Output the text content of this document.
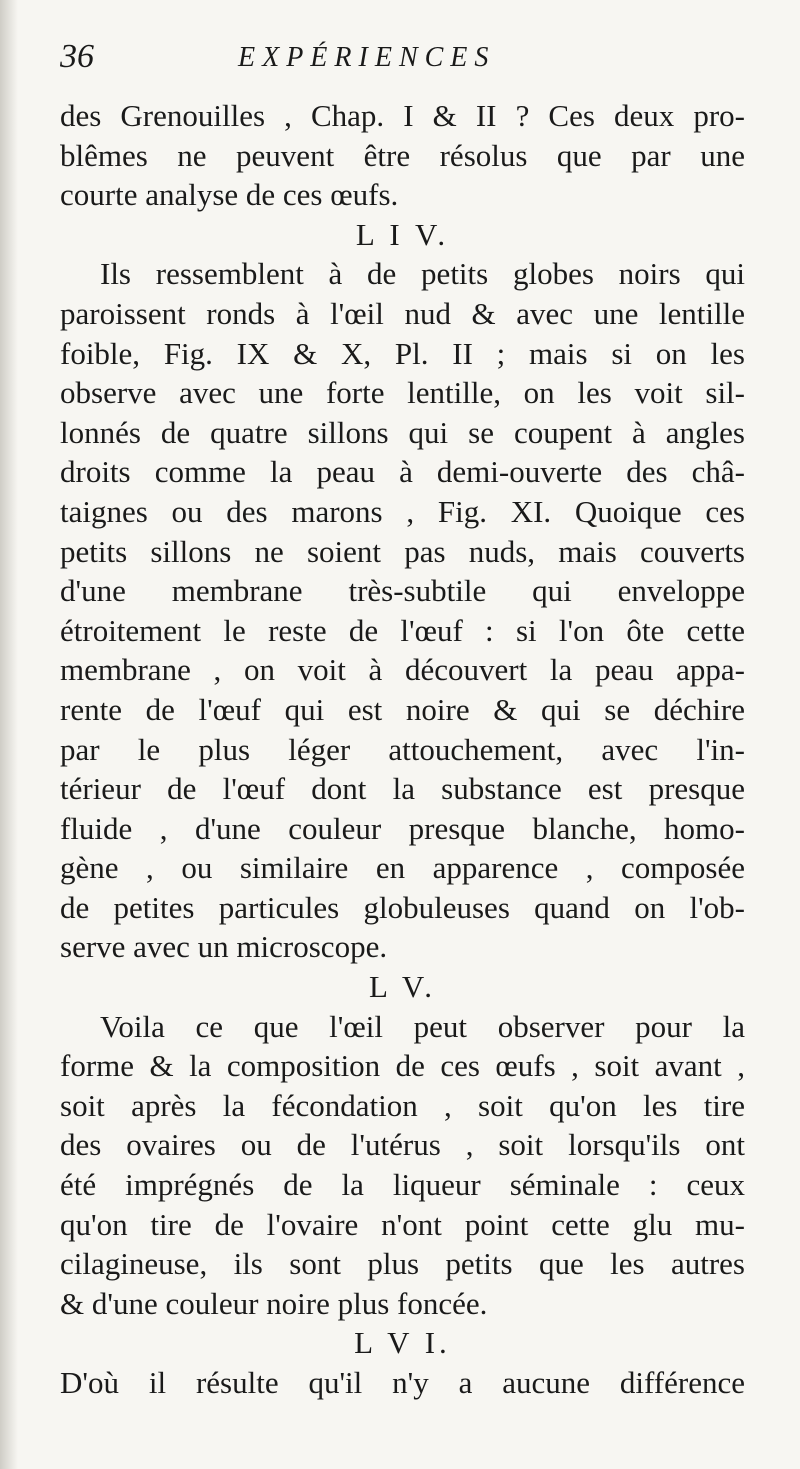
36	EXPÉRIENCES
des Grenouilles , Chap. I & II ? Ces deux pro-
blêmes ne peuvent être résolus que par une
courte analyse de ces œufs.
L I V.
Ils ressemblent à de petits globes noirs qui
paroissent ronds à l'œil nud & avec une lentille
foible, Fig. IX & X, Pl. II ; mais si on les
observe avec une forte lentille, on les voit sil-
lonnés de quatre sillons qui se coupent à angles
droits comme la peau à demi-ouverte des châ-
taignes ou des marons , Fig. XI. Quoique ces
petits sillons ne soient pas nuds, mais couverts
d'une membrane très-subtile qui enveloppe
étroitement le reste de l'œuf : si l'on ôte cette
membrane , on voit à découvert la peau appa-
rente de l'œuf qui est noire & qui se déchire
par le plus léger attouchement, avec l'in-
térieur de l'œuf dont la substance est presque
fluide , d'une couleur presque blanche, homo-
gène , ou similaire en apparence , composée
de petites particules globuleuses quand on l'ob-
serve avec un microscope.
L V.
Voila ce que l'œil peut observer pour la
forme & la composition de ces œufs , soit avant ,
soit après la fécondation , soit qu'on les tire
des ovaires ou de l'utérus , soit lorsqu'ils ont
été imprégnés de la liqueur séminale : ceux
qu'on tire de l'ovaire n'ont point cette glu mu-
cilagineuse, ils sont plus petits que les autres
& d'une couleur noire plus foncée.
L V I.
D'où il résulte qu'il n'y a aucune différence
